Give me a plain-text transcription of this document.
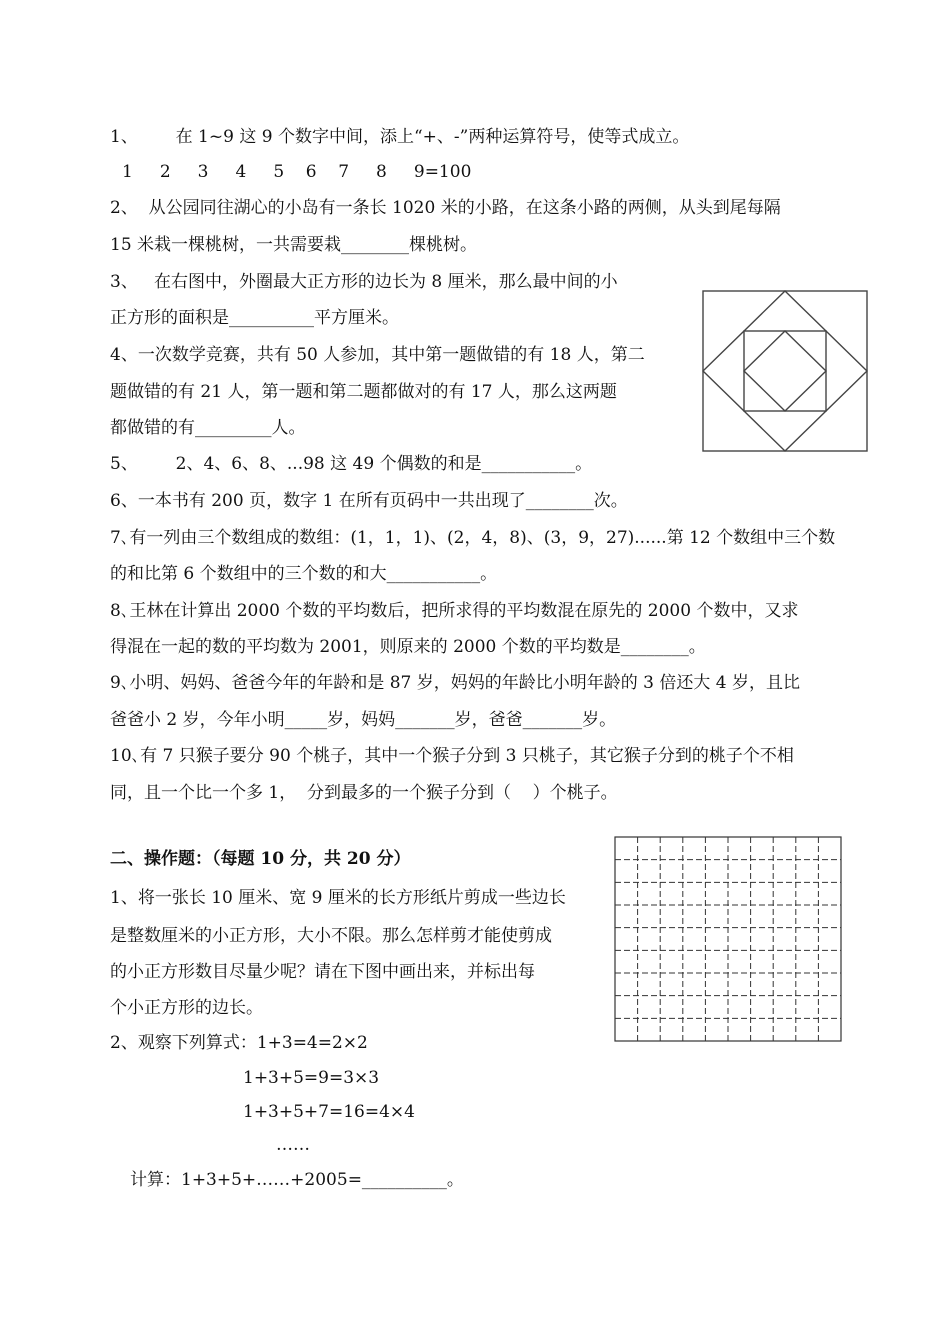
1、       在 1~9 这 9 个数字中间，添上“+、-”两种运算符号，使等式成立。
1     2     3     4     5    6    7     8     9=100
2、  从公园同往湖心的小岛有一条长 1020 米的小路，在这条小路的两侧，从头到尾每隔
15 米栽一棵桃树，一共需要栽________棵桃树。
3、   在右图中，外圈最大正方形的边长为 8 厘米，那么最中间的小
正方形的面积是__________平方厘米。
4、一次数学竞赛，共有 50 人参加，其中第一题做错的有 18 人，第二
题做错的有 21 人，第一题和第二题都做对的有 17 人，那么这两题
都做错的有_________人。
5、       2、4、6、8、...98 这 49 个偶数的和是___________。
6、一本书有 200 页，数字 1 在所有页码中一共出现了________次。
7､有一列由三个数组成的数组：(1，1，1)、(2，4，8)、(3，9，27)......第 12 个数组中三个数
的和比第 6 个数组中的三个数的和大___________。
8､王林在计算出 2000 个数的平均数后，把所求得的平均数混在原先的 2000 个数中，又求
得混在一起的数的平均数为 2001，则原来的 2000 个数的平均数是________。
9､小明、妈妈、爸爸今年的年龄和是 87 岁，妈妈的年龄比小明年龄的 3 倍还大 4 岁，且比
爸爸小 2 岁，今年小明_____岁，妈妈_______岁，爸爸_______岁。
10､有 7 只猴子要分 90 个桃子，其中一个猴子分到 3 只桃子，其它猴子分到的桃子个不相
同，且一个比一个多 1，  分到最多的一个猴子分到（    ）个桃子。
二、操作题：（每题 10 分，共 20 分）
1、将一张长 10 厘米、宽 9 厘米的长方形纸片剪成一些边长
是整数厘米的小正方形，大小不限。那么怎样剪才能使剪成
的小正方形数目尽量少呢？请在下图中画出来，并标出每
个小正方形的边长。
2、观察下列算式：1+3=4=2×2
1+3+5=9=3×3
1+3+5+7=16=4×4
……
计算：1+3+5+……+2005=__________。
